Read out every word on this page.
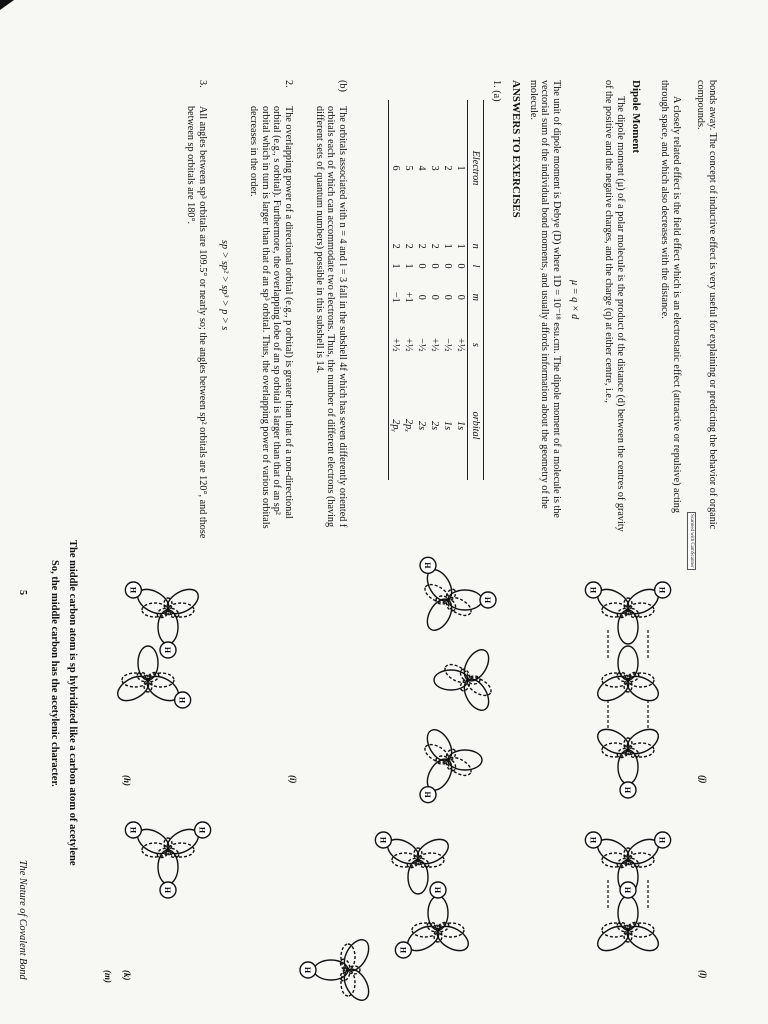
bonds away. The concept of inductive effect is very useful for explaining or predicting the behavior of organic compounds.

A closely related effect is the field effect which is an electrostatic effect (attractive or repulsive) acting through space, and which also decreases with the distance.

Dipole Moment

The dipole moment (μ) of a polar molecule is the product of the distance (d) between the centres of gravity of the positive and the negative charges, and the charge (q) at either centre, i.e.,

μ = q × d

The unit of dipole moment is Debye (D) where 1D = 10⁻¹⁸ esu.cm. The dipole moment of a molecule is the vectorial sum of the individual bond moments, and usually affords information about the geometry of the molecule.

ANSWERS TO EXERCISES
1. (a)
Electron	n	l	m	s	orbital
1	1	0	0	+½	1s
2	1	0	0	−½	1s
3	2	0	0	+½	2s
4	2	0	0	−½	2s
5	2	1	+1	+½	2pₓ
6	2	1	−1	+½	2pᵧ
(b)

The orbitals associated with n = 4 and l = 3 fall in the subshell 4f which has seven differently oriented f orbitals each of which can accommodate two electrons. Thus, the number of different electrons (having different sets of quantum numbers) possible in this subshell is 14.

2.

The overlapping power of a directional orbital (e.g., p orbital) is greater than that of a non-directional orbital (e.g., s orbital). Furthermore, the overlapping lobe of an sp orbital is larger than that of an sp² orbital which in turn is larger than that of an sp³ orbital. Thus, the overlapping power of various orbitals decreases in the order.

sp > sp² > sp³ > p > s
3.

All angles between sp³ orbitals are 109.5° or nearly so; the angles between sp² orbitals are 120°, and those between sp orbitals are 180°.

Scanned with CamScanner
H	H
H
H
H
H
H
H
H
H	H
H
H
H	H
H
H
H
H
The middle carbon atom is sp hybridized like a carbon atom of acetylene
So, the middle carbon has the acetylenic character.	(h)	(i)	(j)
(k)	(l)
(m)
5
The Nature of Covalent Bond
